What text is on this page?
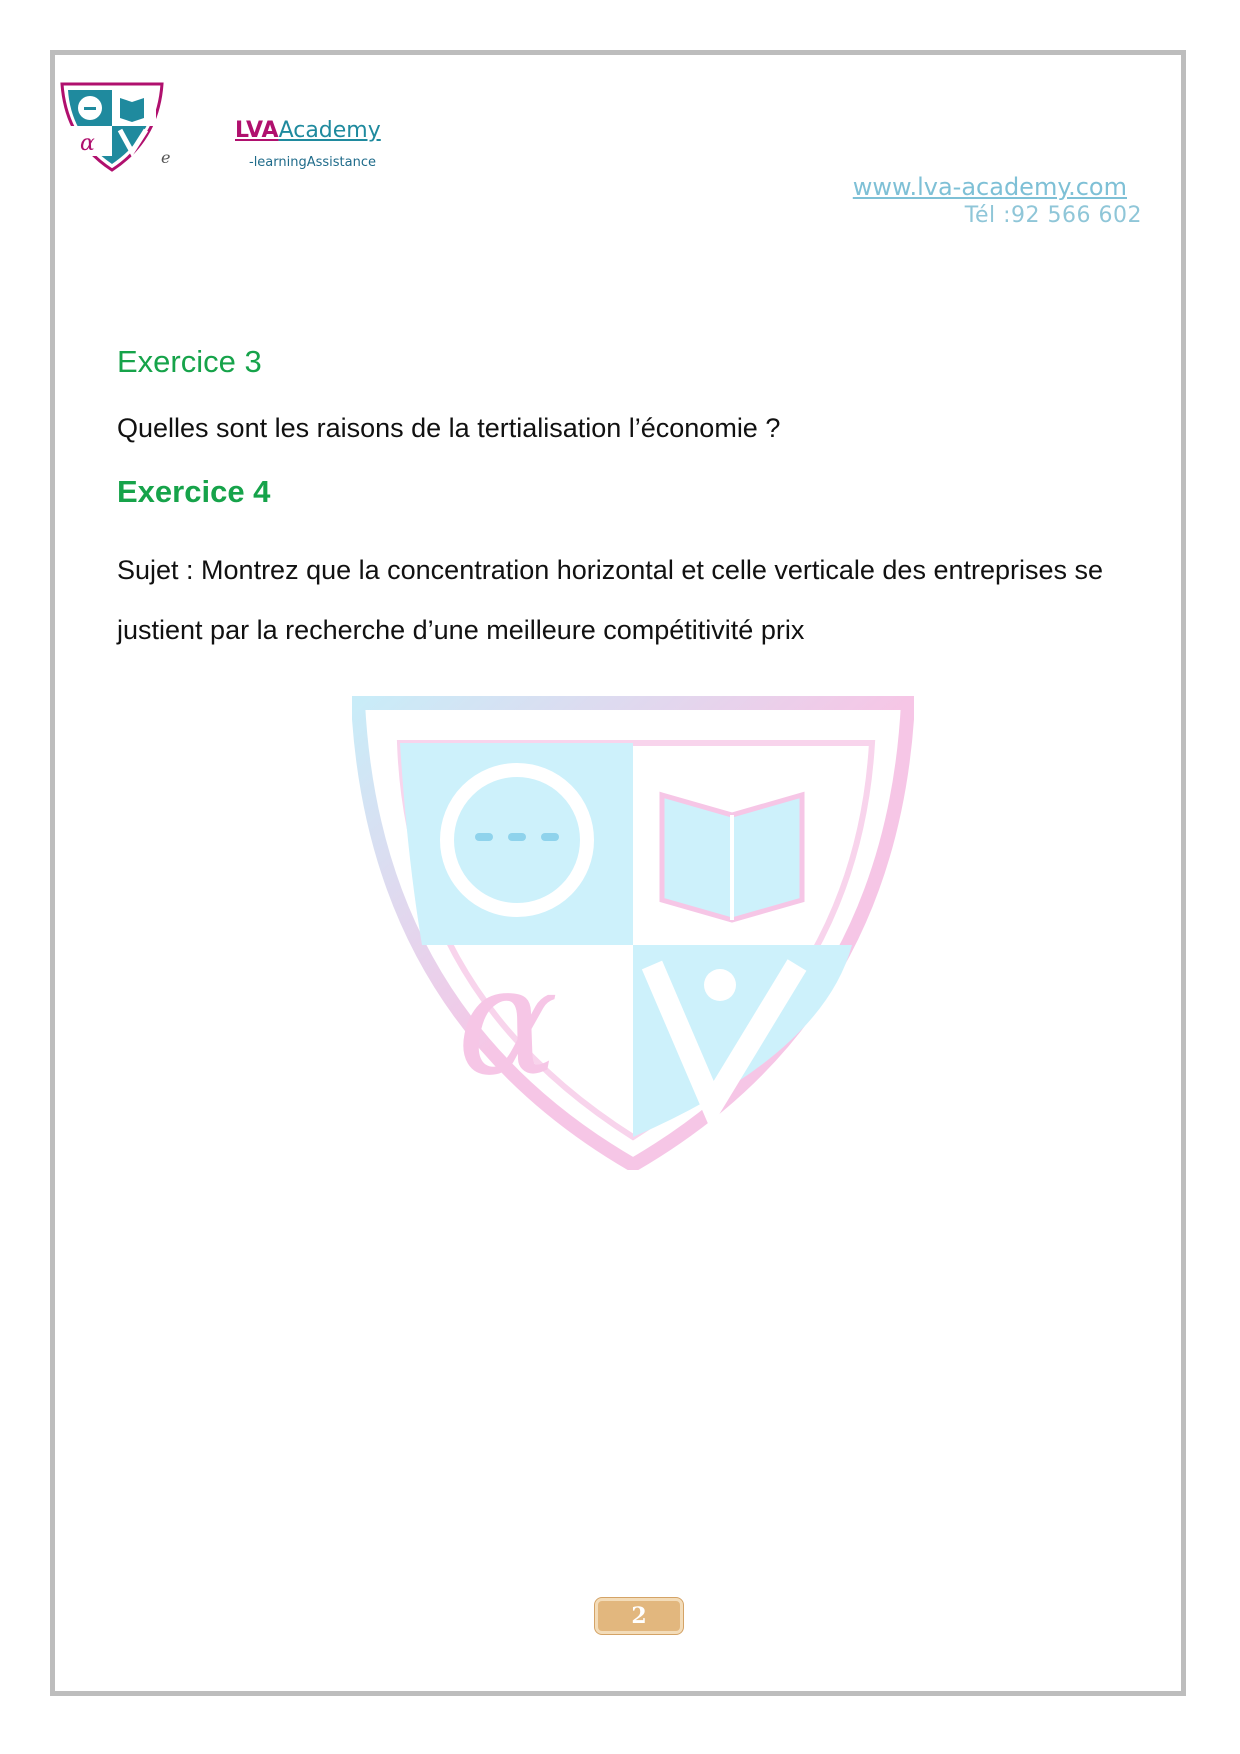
α
e
LVAAcademy
-learningAssistance
www.lva-academy.com
Tél :92 566 602
Exercice 3

Quelles sont les raisons de la tertialisation l’économie ?

Exercice 4

Sujet : Montrez que la concentration horizontal et celle verticale des entreprises se justient par la recherche d’une meilleure compétitivité prix

α
2
